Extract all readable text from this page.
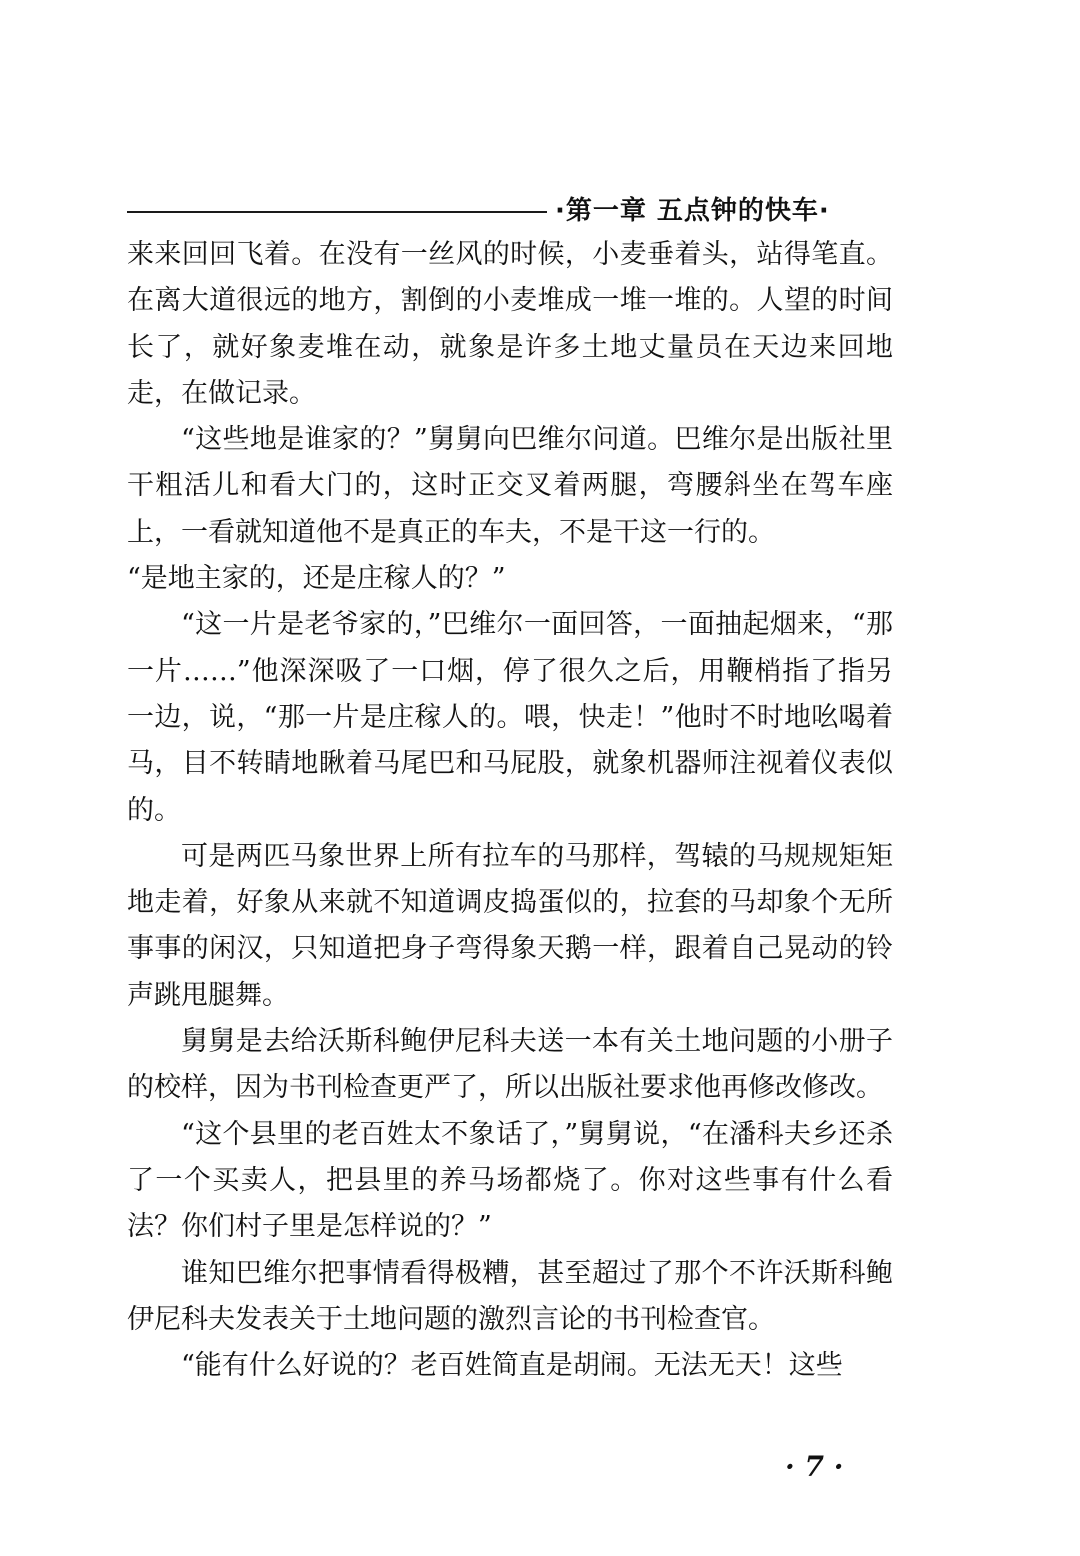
·第一章 五点钟的快车·

来来回回飞着。在没有一丝风的时候，小麦垂着头，站得笔直。在离大道很远的地方，割倒的小麦堆成一堆一堆的。人望的时间长了，就好象麦堆在动，就象是许多土地丈量员在天边来回地走，在做记录。

“这些地是谁家的？”舅舅向巴维尔问道。巴维尔是出版社里干粗活儿和看大门的，这时正交叉着两腿，弯腰斜坐在驾车座上，一看就知道他不是真正的车夫，不是干这一行的。

“是地主家的，还是庄稼人的？”

“这一片是老爷家的，”巴维尔一面回答，一面抽起烟来，“那一片……”他深深吸了一口烟，停了很久之后，用鞭梢指了指另一边，说，“那一片是庄稼人的。喂，快走！”他时不时地吆喝着马，目不转睛地瞅着马尾巴和马屁股，就象机器师注视着仪表似的。

可是两匹马象世界上所有拉车的马那样，驾辕的马规规矩矩地走着，好象从来就不知道调皮捣蛋似的，拉套的马却象个无所事事的闲汉，只知道把身子弯得象天鹅一样，跟着自己晃动的铃声跳甩腿舞。

舅舅是去给沃斯科鲍伊尼科夫送一本有关土地问题的小册子的校样，因为书刊检查更严了，所以出版社要求他再修改修改。

“这个县里的老百姓太不象话了，”舅舅说，“在潘科夫乡还杀了一个买卖人，把县里的养马场都烧了。你对这些事有什么看法？你们村子里是怎样说的？”

谁知巴维尔把事情看得极糟，甚至超过了那个不许沃斯科鲍伊尼科夫发表关于土地问题的激烈言论的书刊检查官。

“能有什么好说的？老百姓简直是胡闹。无法无天！这些

· 7 ·
